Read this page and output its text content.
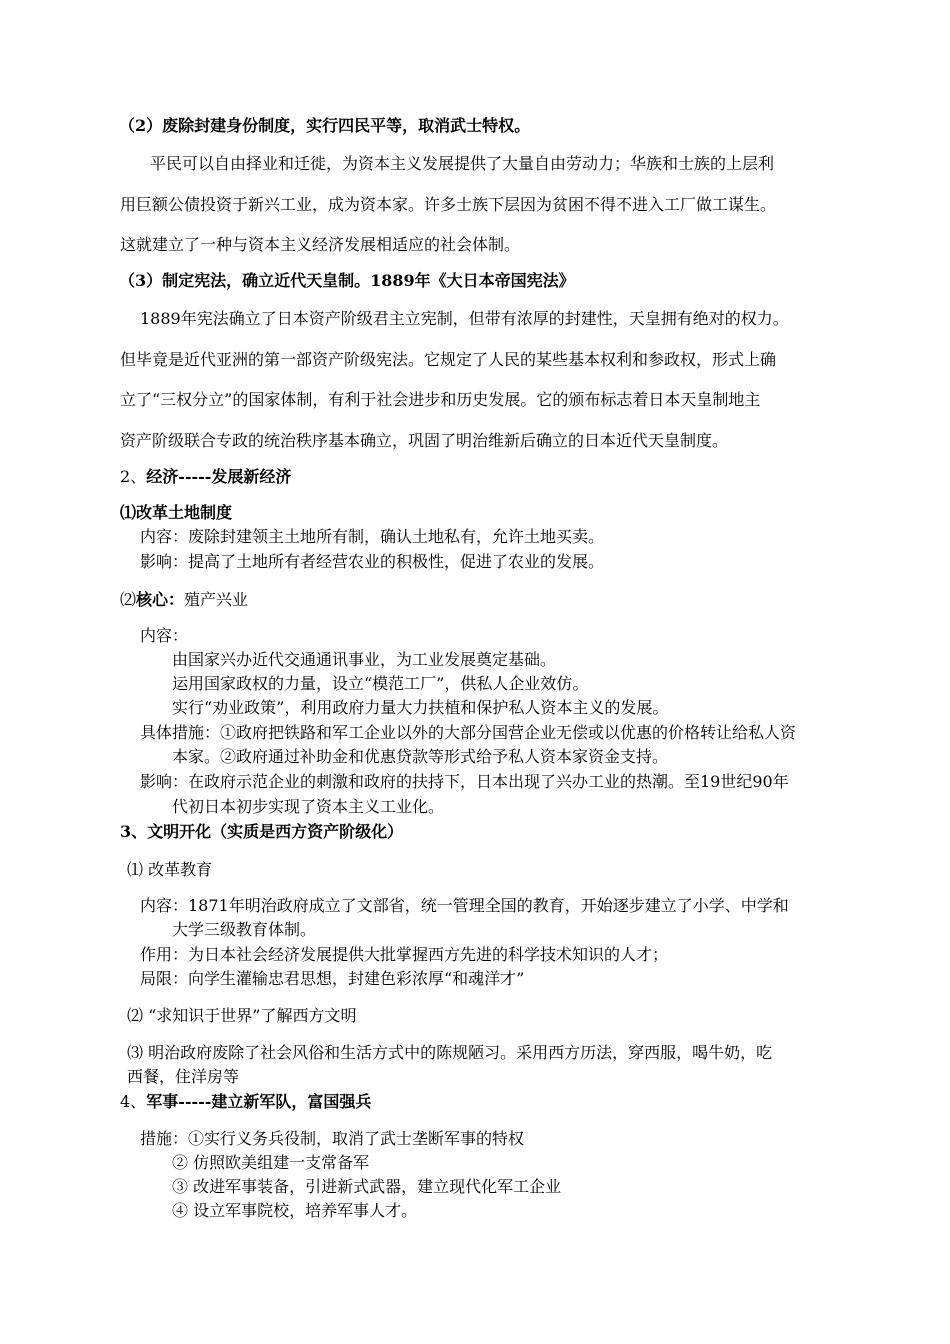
（2）废除封建身份制度，实行四民平等，取消武士特权。
平民可以自由择业和迁徙，为资本主义发展提供了大量自由劳动力；华族和士族的上层利
用巨额公债投资于新兴工业，成为资本家。许多士族下层因为贫困不得不进入工厂做工谋生。
这就建立了一种与资本主义经济发展相适应的社会体制。
（3）制定宪法，确立近代天皇制。1889年《大日本帝国宪法》
1889年宪法确立了日本资产阶级君主立宪制，但带有浓厚的封建性，天皇拥有绝对的权力。
但毕竟是近代亚洲的第一部资产阶级宪法。它规定了人民的某些基本权利和参政权，形式上确
立了“三权分立”的国家体制，有利于社会进步和历史发展。它的颁布标志着日本天皇制地主
资产阶级联合专政的统治秩序基本确立，巩固了明治维新后确立的日本近代天皇制度。
2、经济-----发展新经济
⑴改革土地制度
内容：废除封建领主土地所有制，确认土地私有，允许土地买卖。
影响：提高了土地所有者经营农业的积极性，促进了农业的发展。
⑵核心：殖产兴业
内容：
由国家兴办近代交通通讯事业，为工业发展奠定基础。
运用国家政权的力量，设立“模范工厂”，供私人企业效仿。
实行“劝业政策”，利用政府力量大力扶植和保护私人资本主义的发展。
具体措施：①政府把铁路和军工企业以外的大部分国营企业无偿或以优惠的价格转让给私人资
本家。②政府通过补助金和优惠贷款等形式给予私人资本家资金支持。
影响：在政府示范企业的刺激和政府的扶持下，日本出现了兴办工业的热潮。至19世纪90年
代初日本初步实现了资本主义工业化。
3、文明开化（实质是西方资产阶级化）
⑴ 改革教育
内容：1871年明治政府成立了文部省，统一管理全国的教育，开始逐步建立了小学、中学和
大学三级教育体制。
作用：为日本社会经济发展提供大批掌握西方先进的科学技术知识的人才；
局限：向学生灌输忠君思想，封建色彩浓厚“和魂洋才”
⑵ “求知识于世界”了解西方文明
⑶ 明治政府废除了社会风俗和生活方式中的陈规陋习。采用西方历法，穿西服，喝牛奶，吃
西餐，住洋房等
4、军事-----建立新军队，富国强兵
措施：①实行义务兵役制，取消了武士垄断军事的特权
② 仿照欧美组建一支常备军
③ 改进军事装备，引进新式武器，建立现代化军工企业
④ 设立军事院校，培养军事人才。
